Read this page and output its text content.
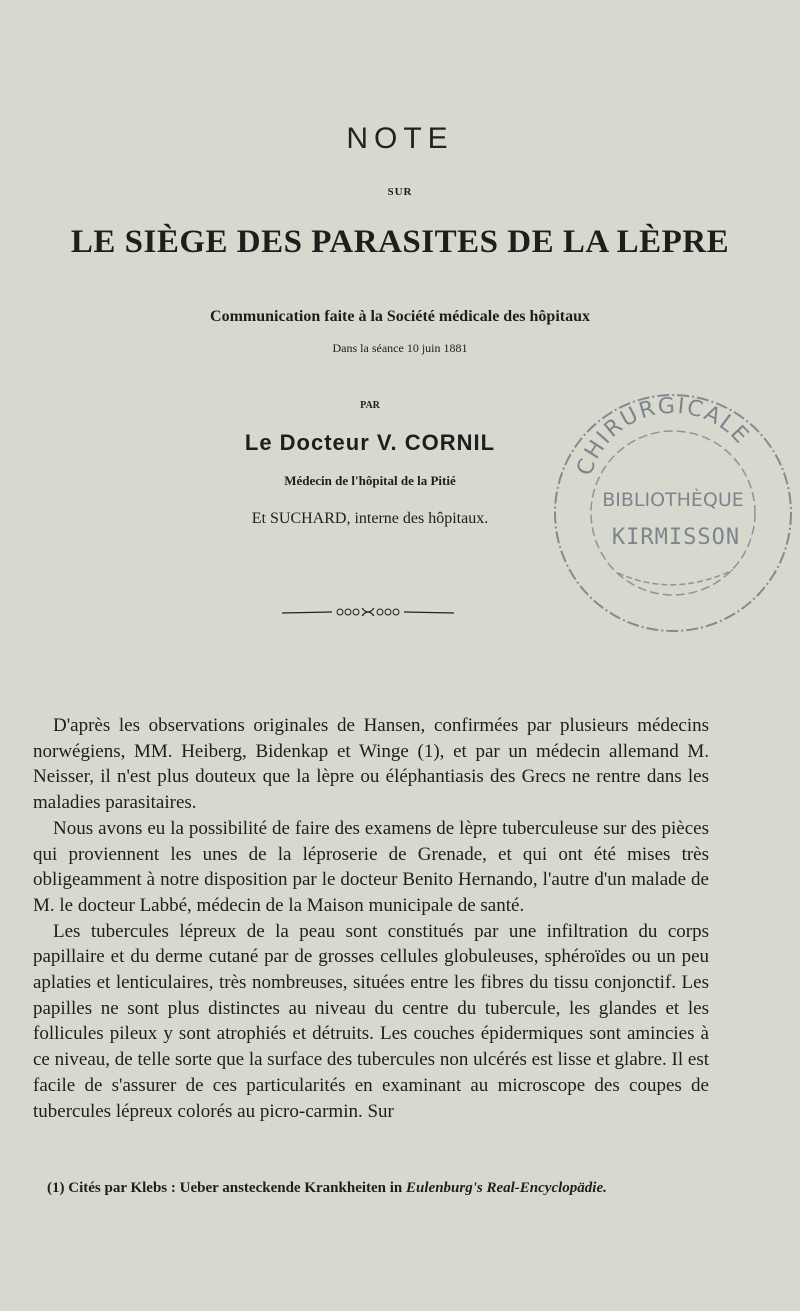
NOTE
SUR
LE SIÈGE DES PARASITES DE LA LÈPRE
Communication faite à la Société médicale des hôpitaux
Dans la séance 10 juin 1881
PAR
Le Docteur V. CORNIL
Médecin de l'hôpital de la Pitié
Et SUCHARD, interne des hôpitaux.
CHIRURGICALE
BIBLIOTHÈQUE
KIRMISSON

D'après les observations originales de Hansen, confirmées par plusieurs médecins norwégiens, MM. Heiberg, Bidenkap et Winge (1), et par un médecin allemand M. Neisser, il n'est plus douteux que la lèpre ou éléphantiasis des Grecs ne rentre dans les maladies parasitaires.

Nous avons eu la possibilité de faire des examens de lèpre tuberculeuse sur des pièces qui proviennent les unes de la léproserie de Grenade, et qui ont été mises très obligeamment à notre disposition par le docteur Benito Hernando, l'autre d'un malade de M. le docteur Labbé, médecin de la Maison municipale de santé.

Les tubercules lépreux de la peau sont constitués par une infiltration du corps papillaire et du derme cutané par de grosses cellules globuleuses, sphéroïdes ou un peu aplaties et lenticulaires, très nombreuses, situées entre les fibres du tissu conjonctif. Les papilles ne sont plus distinctes au niveau du centre du tubercule, les glandes et les follicules pileux y sont atrophiés et détruits. Les couches épidermiques sont amincies à ce niveau, de telle sorte que la surface des tubercules non ulcérés est lisse et glabre. Il est facile de s'assurer de ces particularités en examinant au microscope des coupes de tubercules lépreux colorés au picro-carmin. Sur

(1) Cités par Klebs : Ueber ansteckende Krankheiten in Eulenburg's Real-Encyclopädie.
